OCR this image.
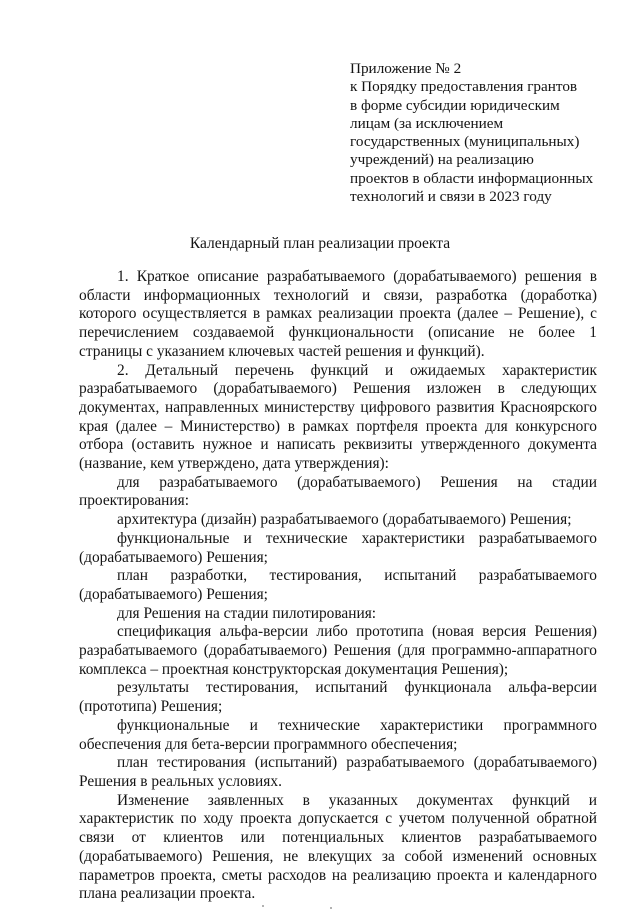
Приложение № 2
к Порядку предоставления грантов
в форме субсидии юридическим
лицам (за исключением
государственных (муниципальных)
учреждений) на реализацию
проектов в области информационных
технологий и связи в 2023 году
Календарный план реализации проекта

1. Краткое описание разрабатываемого (дорабатываемого) решения в области информационных технологий и связи, разработка (доработка) которого осуществляется в рамках реализации проекта (далее – Решение), с перечислением создаваемой функциональности (описание не более 1 страницы с указанием ключевых частей решения и функций).

2. Детальный перечень функций и ожидаемых характеристик разрабатываемого (дорабатываемого) Решения изложен в следующих документах, направленных министерству цифрового развития Красноярского края (далее – Министерство) в рамках портфеля проекта для конкурсного отбора (оставить нужное и написать реквизиты утвержденного документа (название, кем утверждено, дата утверждения):

для разрабатываемого (дорабатываемого) Решения на стадии проектирования:

архитектура (дизайн) разрабатываемого (дорабатываемого) Решения;

функциональные и технические характеристики разрабатываемого (дорабатываемого) Решения;

план разработки, тестирования, испытаний разрабатываемого (дорабатываемого) Решения;

для Решения на стадии пилотирования:

спецификация альфа-версии либо прототипа (новая версия Решения) разрабатываемого (дорабатываемого) Решения (для программно-аппаратного комплекса – проектная конструкторская документация Решения);

результаты тестирования, испытаний функционала альфа-версии (прототипа) Решения;

функциональные и технические характеристики программного обеспечения для бета-версии программного обеспечения;

план тестирования (испытаний) разрабатываемого (дорабатываемого) Решения в реальных условиях.

Изменение заявленных в указанных документах функций и характеристик по ходу проекта допускается с учетом полученной обратной связи от клиентов или потенциальных клиентов разрабатываемого (дорабатываемого) Решения, не влекущих за собой изменений основных параметров проекта, сметы расходов на реализацию проекта и календарного плана реализации проекта.
